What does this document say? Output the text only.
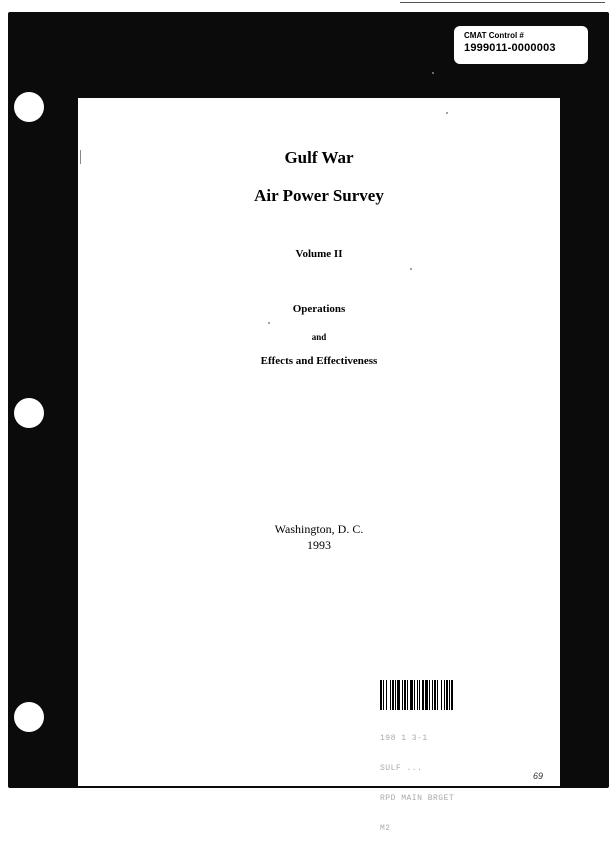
CMAT Control #
1999011-0000003
Gulf War
Air Power Survey
Volume II
Operations
and
Effects and Effectiveness
Washington, D. C.
1993

198 1 3-1

SULF ...

RPD MAIN BRGET

M2

69
